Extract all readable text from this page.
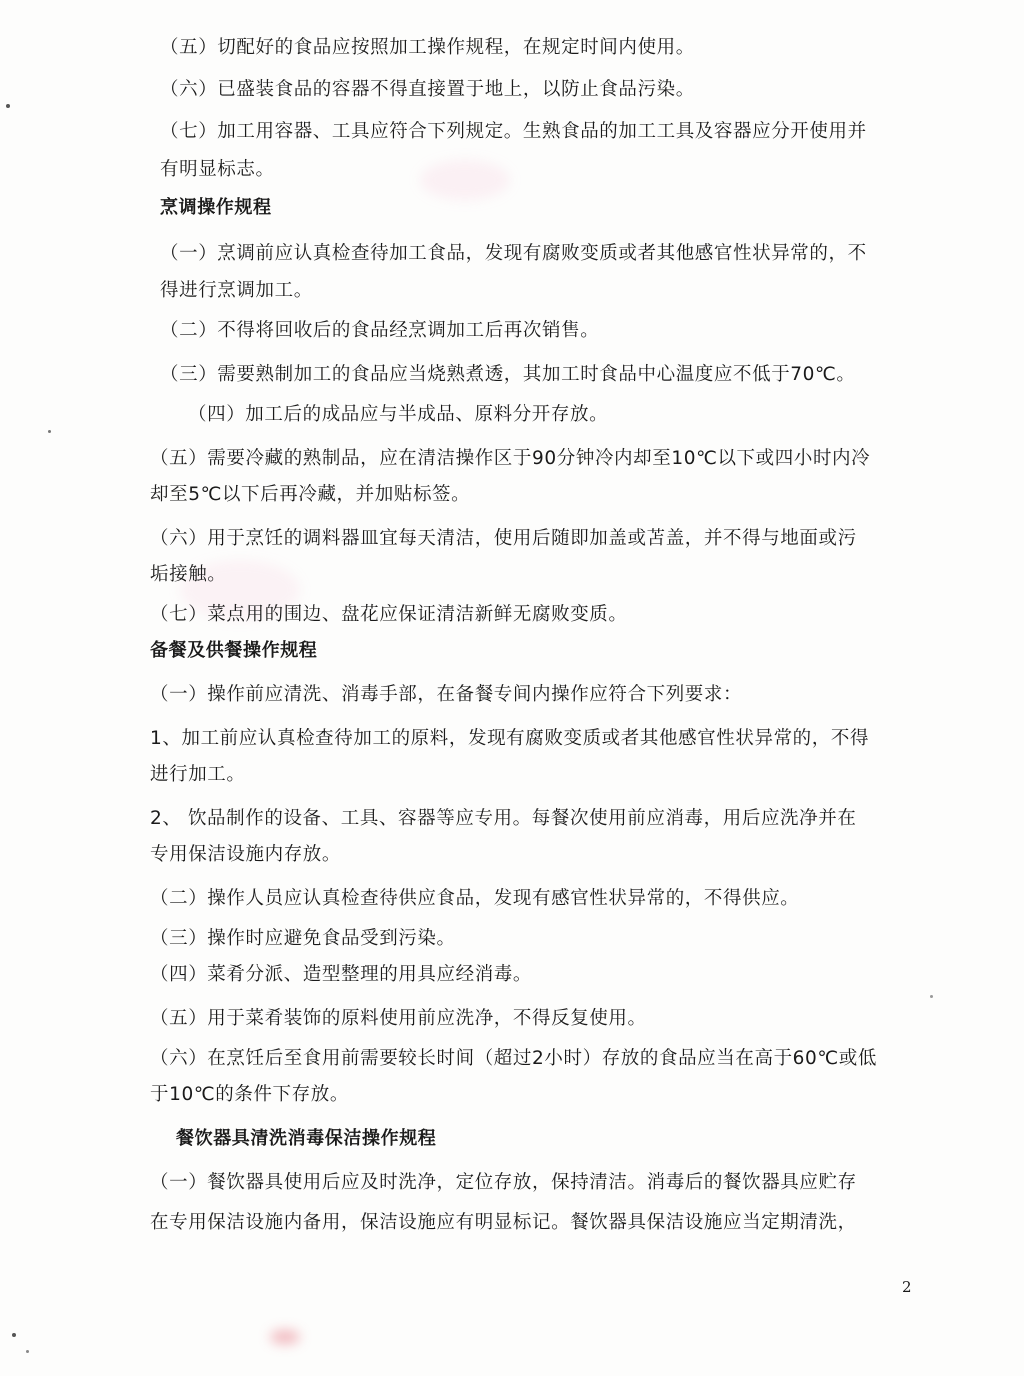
（五）切配好的食品应按照加工操作规程，在规定时间内使用。
（六）已盛装食品的容器不得直接置于地上，以防止食品污染。
（七）加工用容器、工具应符合下列规定。生熟食品的加工工具及容器应分开使用并
有明显标志。
烹调操作规程
（一）烹调前应认真检查待加工食品，发现有腐败变质或者其他感官性状异常的，不
得进行烹调加工。
（二）不得将回收后的食品经烹调加工后再次销售。
（三）需要熟制加工的食品应当烧熟煮透，其加工时食品中心温度应不低于70℃。
（四）加工后的成品应与半成品、原料分开存放。
（五）需要冷藏的熟制品，应在清洁操作区于90分钟冷内却至10℃以下或四小时内冷
却至5℃以下后再冷藏，并加贴标签。
（六）用于烹饪的调料器皿宜每天清洁，使用后随即加盖或苫盖，并不得与地面或污
垢接触。
（七）菜点用的围边、盘花应保证清洁新鲜无腐败变质。
备餐及供餐操作规程
（一）操作前应清洗、消毒手部，在备餐专间内操作应符合下列要求：
1、加工前应认真检查待加工的原料，发现有腐败变质或者其他感官性状异常的，不得
进行加工。
2、 饮品制作的设备、工具、容器等应专用。每餐次使用前应消毒，用后应洗净并在
专用保洁设施内存放。
（二）操作人员应认真检查待供应食品，发现有感官性状异常的，不得供应。
（三）操作时应避免食品受到污染。
（四）菜肴分派、造型整理的用具应经消毒。
（五）用于菜肴装饰的原料使用前应洗净，不得反复使用。
（六）在烹饪后至食用前需要较长时间（超过2小时）存放的食品应当在高于60℃或低
于10℃的条件下存放。
餐饮器具清洗消毒保洁操作规程
（一）餐饮器具使用后应及时洗净，定位存放，保持清洁。消毒后的餐饮器具应贮存
在专用保洁设施内备用，保洁设施应有明显标记。餐饮器具保洁设施应当定期清洗，
2
